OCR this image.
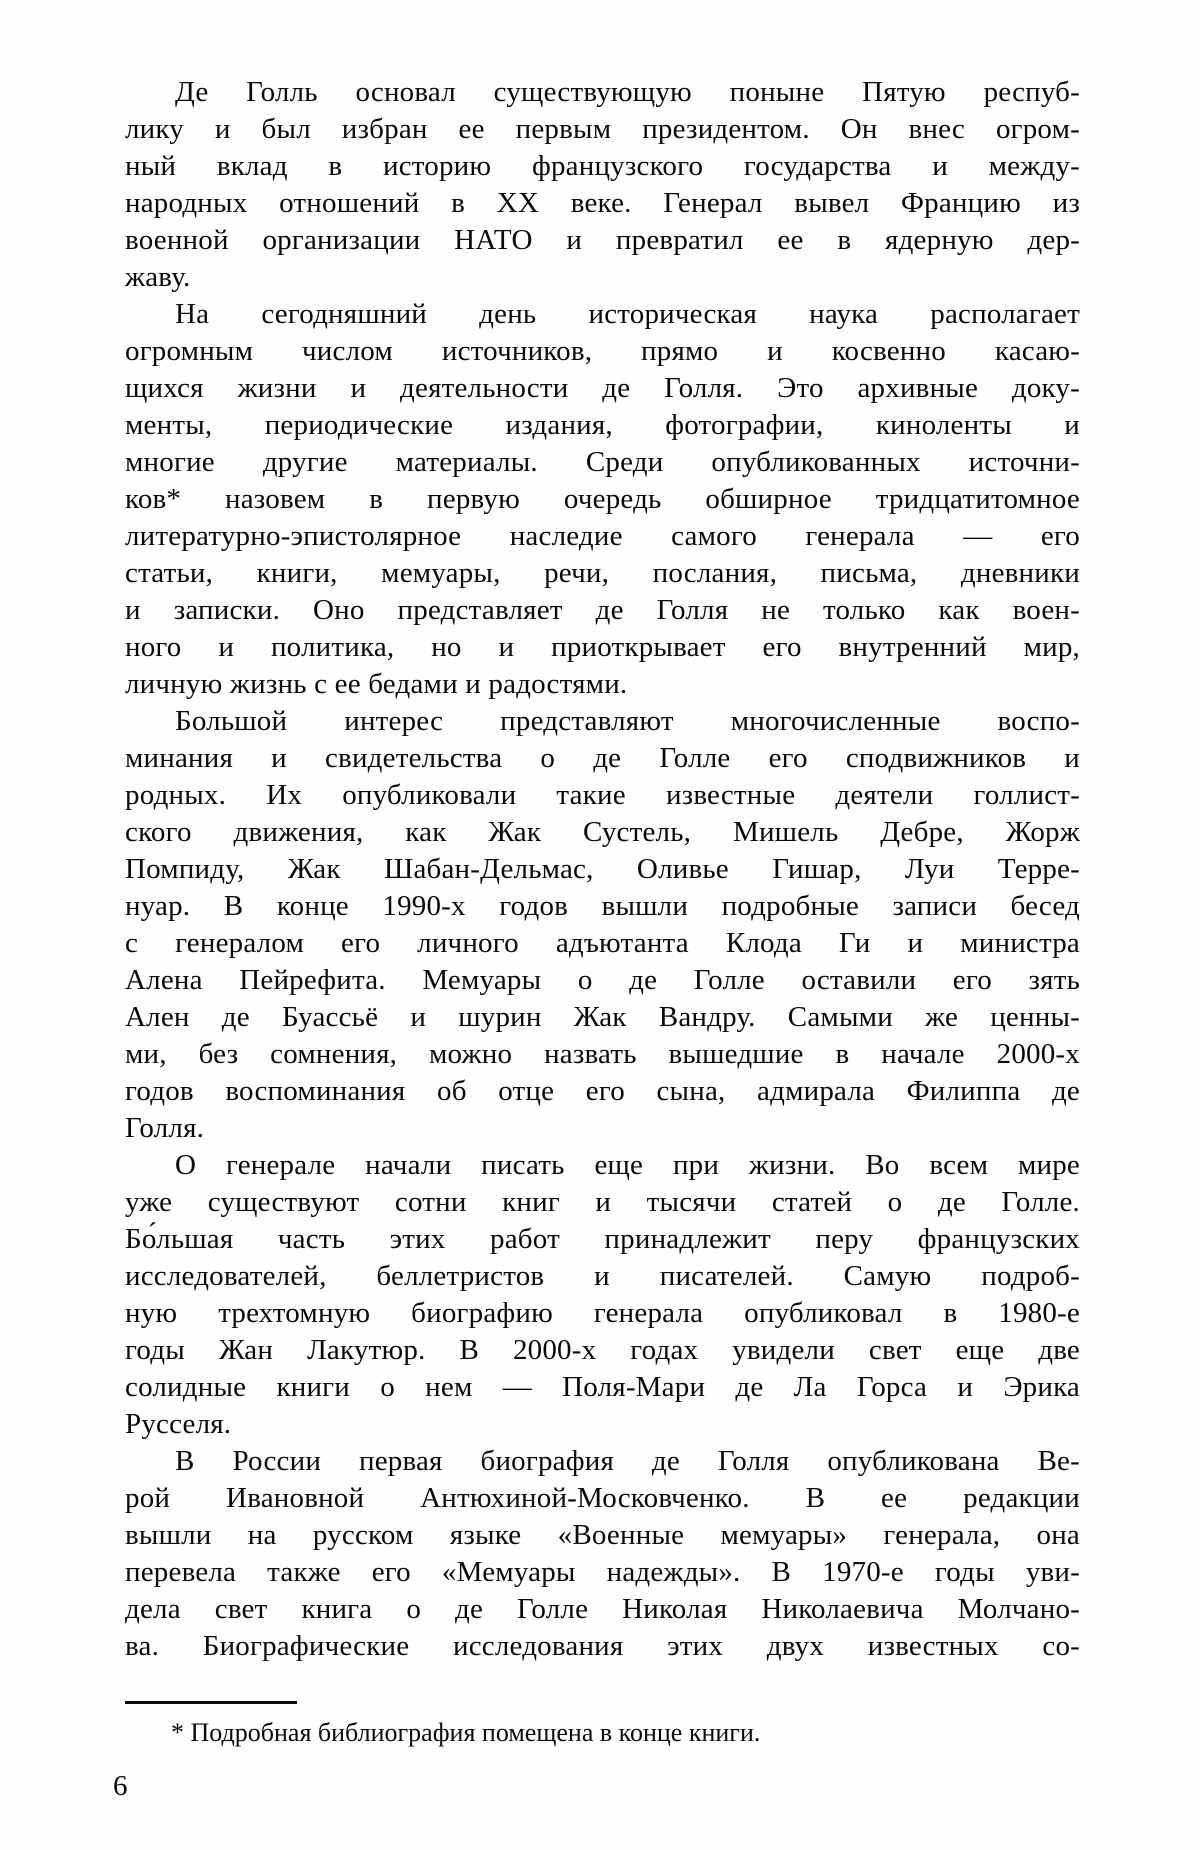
Де Голль основал существующую поныне Пятую респуб-
лику и был избран ее первым президентом. Он внес огром-
ный вклад в историю французского государства и между-
народных отношений в XX веке. Генерал вывел Францию из
военной организации НАТО и превратил ее в ядерную дер-
жаву.
На сегодняшний день историческая наука располагает
огромным числом источников, прямо и косвенно касаю-
щихся жизни и деятельности де Голля. Это архивные доку-
менты, периодические издания, фотографии, киноленты и
многие другие материалы. Среди опубликованных источни-
ков* назовем в первую очередь обширное тридцатитомное
литературно-эпистолярное наследие самого генерала — его
статьи, книги, мемуары, речи, послания, письма, дневники
и записки. Оно представляет де Голля не только как воен-
ного и политика, но и приоткрывает его внутренний мир,
личную жизнь с ее бедами и радостями.
Большой интерес представляют многочисленные воспо-
минания и свидетельства о де Голле его сподвижников и
родных. Их опубликовали такие известные деятели голлист-
ского движения, как Жак Сустель, Мишель Дебре, Жорж
Помпиду, Жак Шабан-Дельмас, Оливье Гишар, Луи Терре-
нуар. В конце 1990-х годов вышли подробные записи бесед
с генералом его личного адъютанта Клода Ги и министра
Алена Пейрефита. Мемуары о де Голле оставили его зять
Ален де Буассьё и шурин Жак Вандру. Самыми же ценны-
ми, без сомнения, можно назвать вышедшие в начале 2000-х
годов воспоминания об отце его сына, адмирала Филиппа де
Голля.
О генерале начали писать еще при жизни. Во всем мире
уже существуют сотни книг и тысячи статей о де Голле.
Бо́льшая часть этих работ принадлежит перу французских
исследователей, беллетристов и писателей. Самую подроб-
ную трехтомную биографию генерала опубликовал в 1980-е
годы Жан Лакутюр. В 2000-х годах увидели свет еще две
солидные книги о нем — Поля-Мари де Ла Горса и Эрика
Русселя.
В России первая биография де Голля опубликована Ве-
рой Ивановной Антюхиной-Московченко. В ее редакции
вышли на русском языке «Военные мемуары» генерала, она
перевела также его «Мемуары надежды». В 1970-е годы уви-
дела свет книга о де Голле Николая Николаевича Молчано-
ва. Биографические исследования этих двух известных со-
* Подробная библиография помещена в конце книги.
6
